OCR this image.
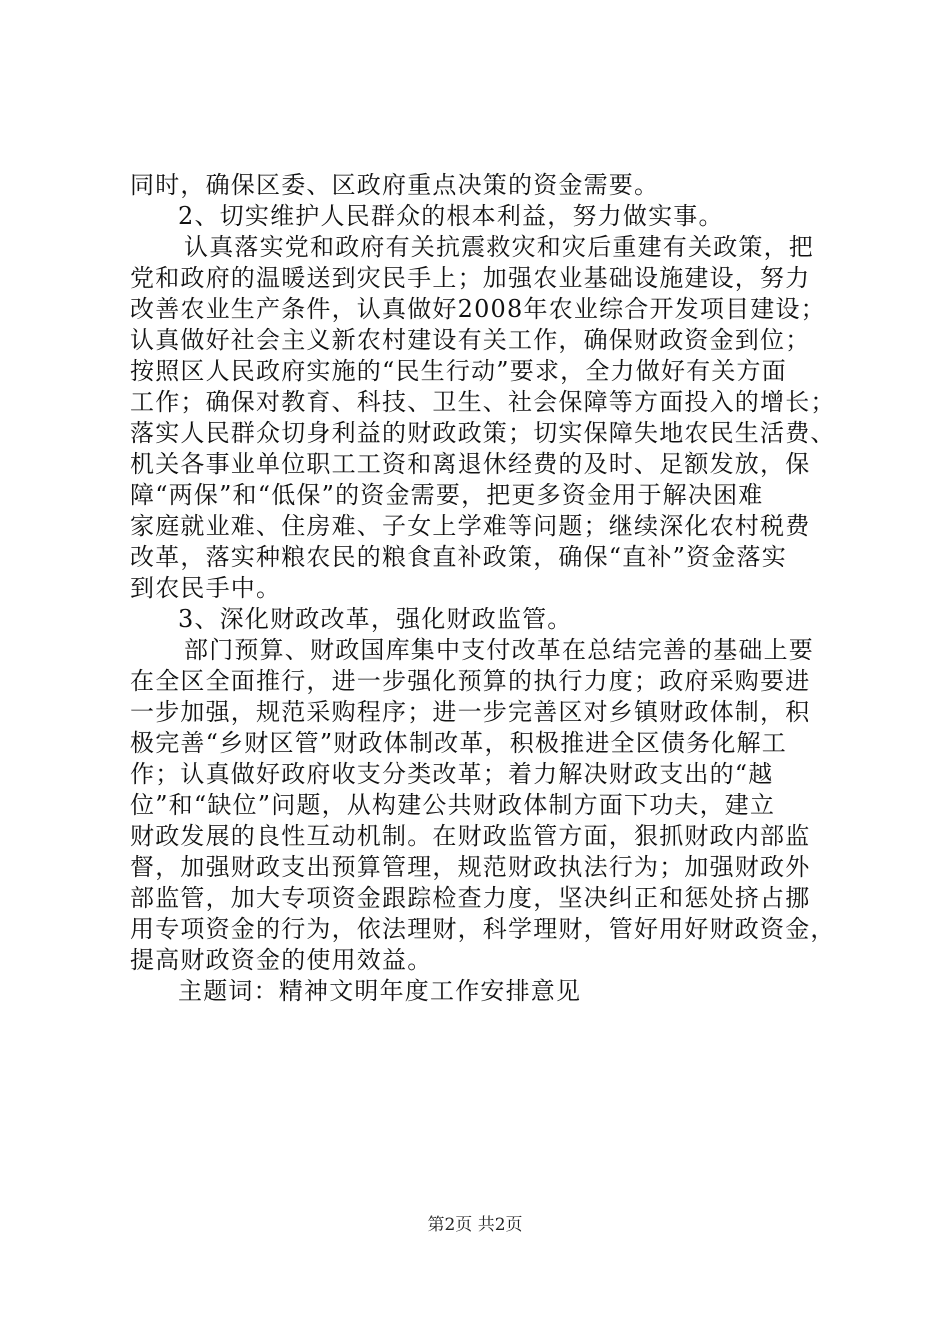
同时，确保区委、区政府重点决策的资金需要。
2、切实维护人民群众的根本利益，努力做实事。
认真落实党和政府有关抗震救灾和灾后重建有关政策，把
党和政府的温暖送到灾民手上；加强农业基础设施建设，努力
改善农业生产条件，认真做好2008年农业综合开发项目建设；
认真做好社会主义新农村建设有关工作，确保财政资金到位；
按照区人民政府实施的“民生行动”要求，全力做好有关方面
工作；确保对教育、科技、卫生、社会保障等方面投入的增长；
落实人民群众切身利益的财政政策；切实保障失地农民生活费、
机关各事业单位职工工资和离退休经费的及时、足额发放，保
障“两保”和“低保”的资金需要，把更多资金用于解决困难
家庭就业难、住房难、子女上学难等问题；继续深化农村税费
改革，落实种粮农民的粮食直补政策，确保“直补”资金落实
到农民手中。
3、深化财政改革，强化财政监管。
部门预算、财政国库集中支付改革在总结完善的基础上要
在全区全面推行，进一步强化预算的执行力度；政府采购要进
一步加强，规范采购程序；进一步完善区对乡镇财政体制，积
极完善“乡财区管”财政体制改革，积极推进全区债务化解工
作；认真做好政府收支分类改革；着力解决财政支出的“越
位”和“缺位”问题，从构建公共财政体制方面下功夫，建立
财政发展的良性互动机制。在财政监管方面，狠抓财政内部监
督，加强财政支出预算管理，规范财政执法行为；加强财政外
部监管，加大专项资金跟踪检查力度，坚决纠正和惩处挤占挪
用专项资金的行为，依法理财，科学理财，管好用好财政资金，
提高财政资金的使用效益。
主题词：精神文明年度工作安排意见
第2页 共2页
